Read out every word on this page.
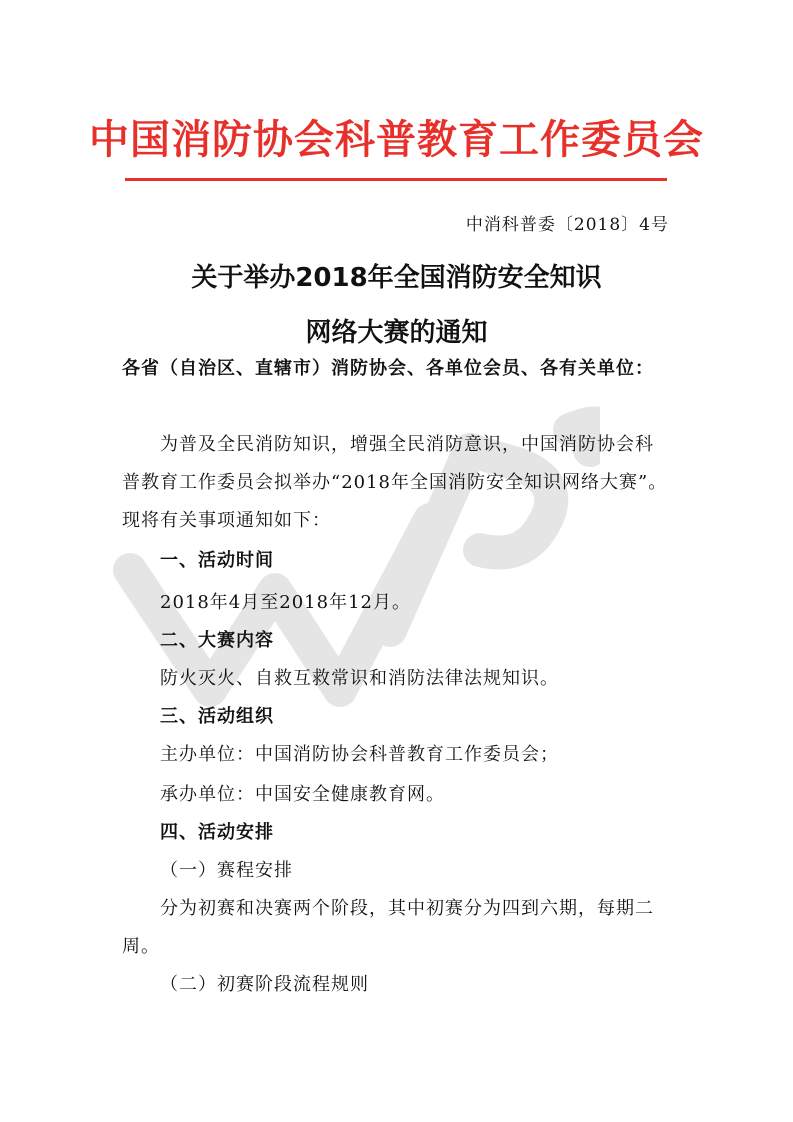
中国消防协会科普教育工作委员会
中消科普委〔2018〕4号
关于举办2018年全国消防安全知识
网络大赛的通知

各省（自治区、直辖市）消防协会、各单位会员、各有关单位：

为普及全民消防知识，增强全民消防意识，中国消防协会科普教育工作委员会拟举办“2018年全国消防安全知识网络大赛”。现将有关事项通知如下：

一、活动时间

2018年4月至2018年12月。

二、大赛内容

防火灭火、自救互救常识和消防法律法规知识。

三、活动组织

主办单位：中国消防协会科普教育工作委员会；

承办单位：中国安全健康教育网。

四、活动安排

（一）赛程安排

分为初赛和决赛两个阶段，其中初赛分为四到六期，每期二周。

（二）初赛阶段流程规则
